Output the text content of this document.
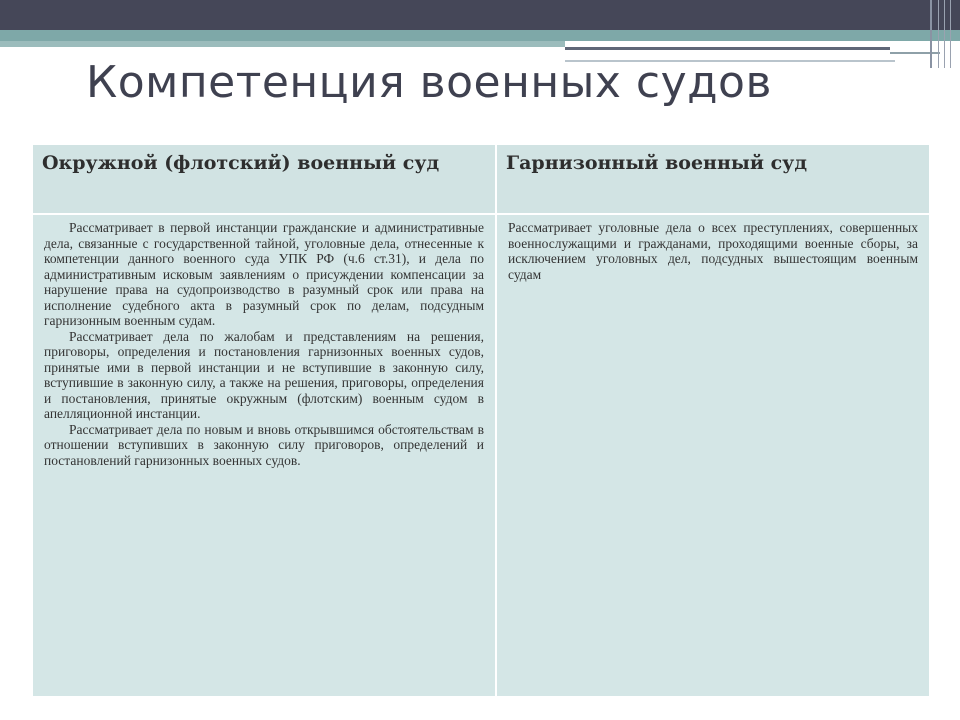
Компетенция военных судов
Окружной (флотский) военный суд	Гарнизонный военный суд

Рассматривает в первой инстанции гражданские и административные дела, связанные с государственной тайной, уголовные дела, отнесенные к компетенции данного военного суда УПК РФ (ч.6 ст.31), и дела по административным исковым заявлениям о присуждении компенсации за нарушение права на судопроизводство в разумный срок или права на исполнение судебного акта в разумный срок по делам, подсудным гарнизонным военным судам.

Рассматривает дела по жалобам и представлениям на решения, приговоры, определения и постановления гарнизонных военных судов, принятые ими в первой инстанции и не вступившие в законную силу, вступившие в законную силу, а также на решения, приговоры, определения и постановления, принятые окружным (флотским) военным судом в апелляционной инстанции.

Рассматривает дела по новым и вновь открывшимся обстоятельствам в отношении вступивших в законную силу приговоров, определений и постановлений гарнизонных военных судов.	Рассматривает уголовные дела о всех преступлениях, совершенных военнослужащими и гражданами, проходящими военные сборы, за исключением уголовных дел, подсудных вышестоящим военным судам
